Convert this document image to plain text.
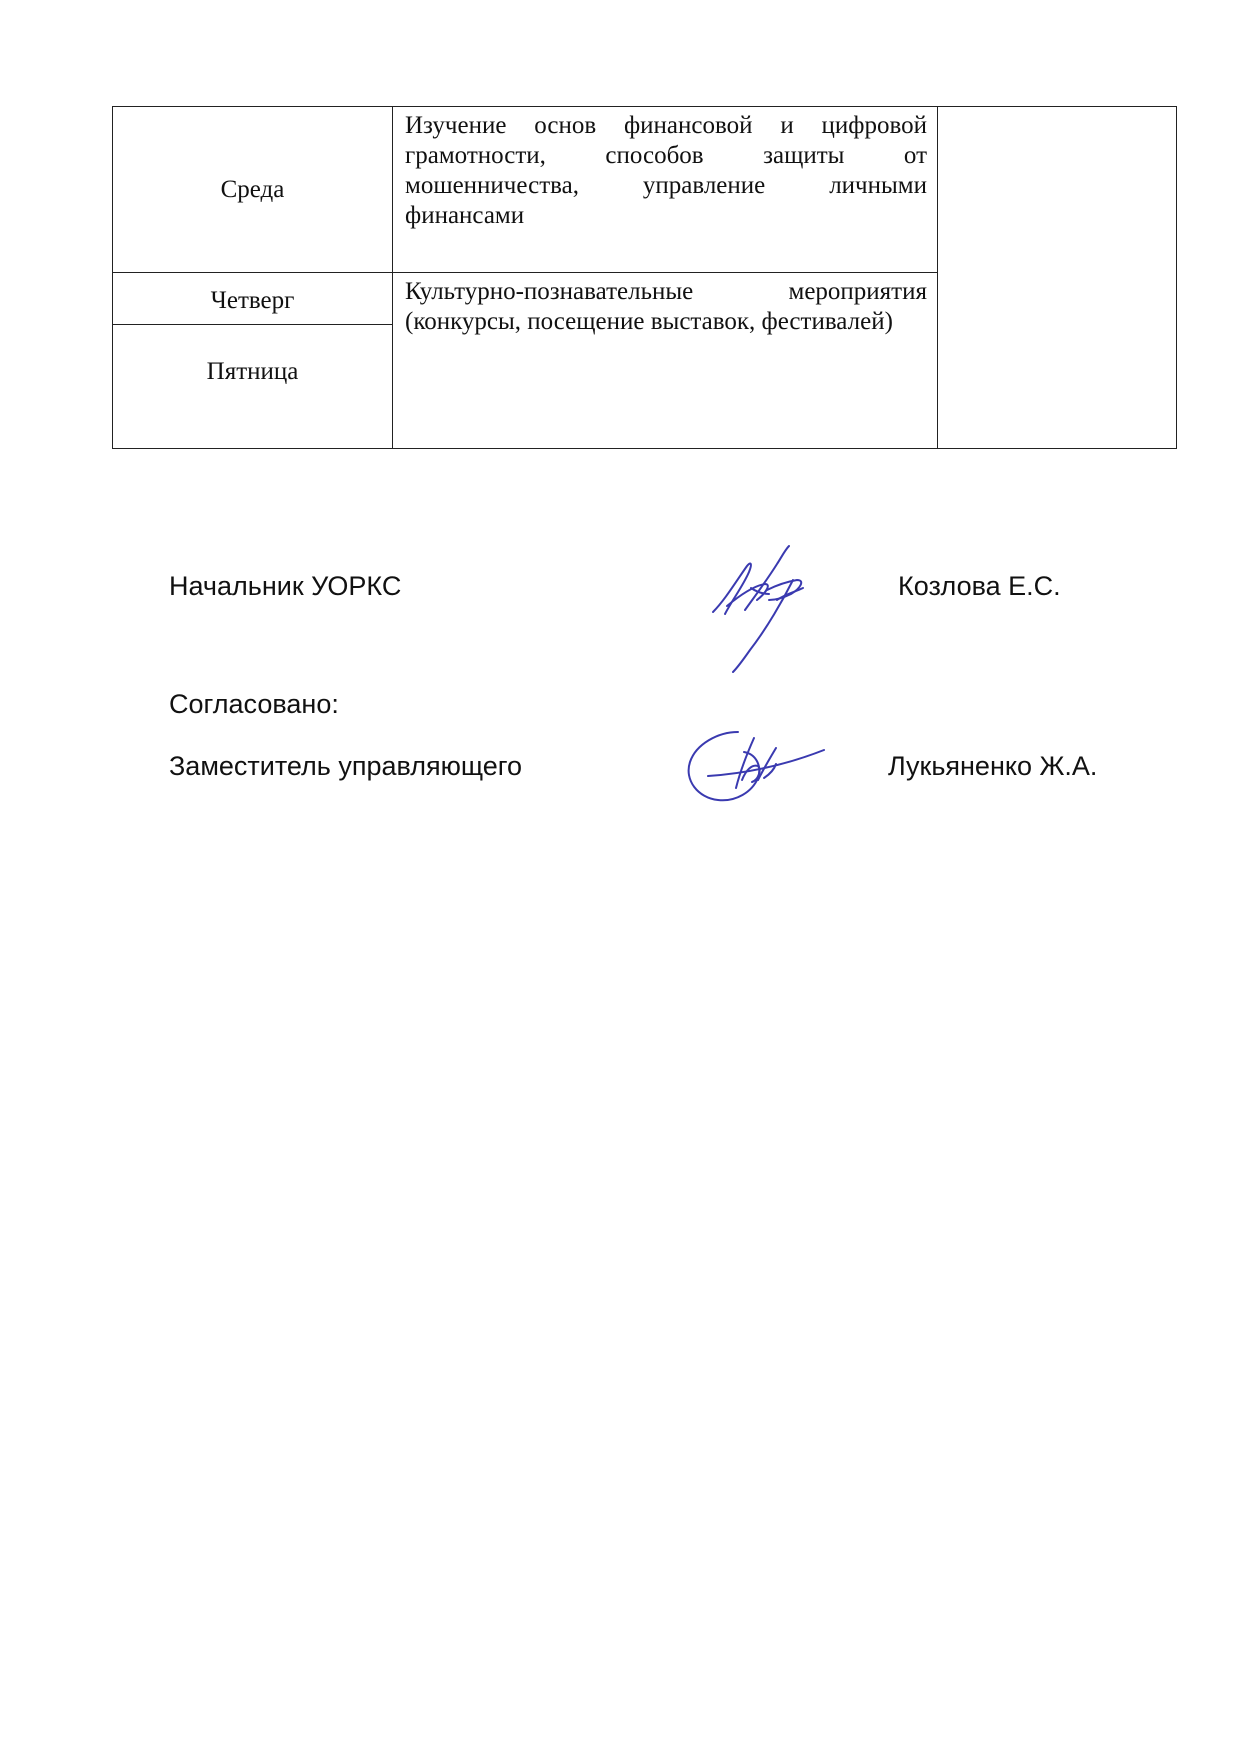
Среда	Изучение основ финансовой и цифровой грамотности, способов защиты от мошенничества, управление личными финансами	

Четверг	Культурно-познавательные мероприятия (конкурсы, посещение выставок, фестивалей)	

Пятница		
Начальник УОРКС	Козлова Е.С.
Согласовано:
Заместитель управляющего	Лукьяненко Ж.А.
